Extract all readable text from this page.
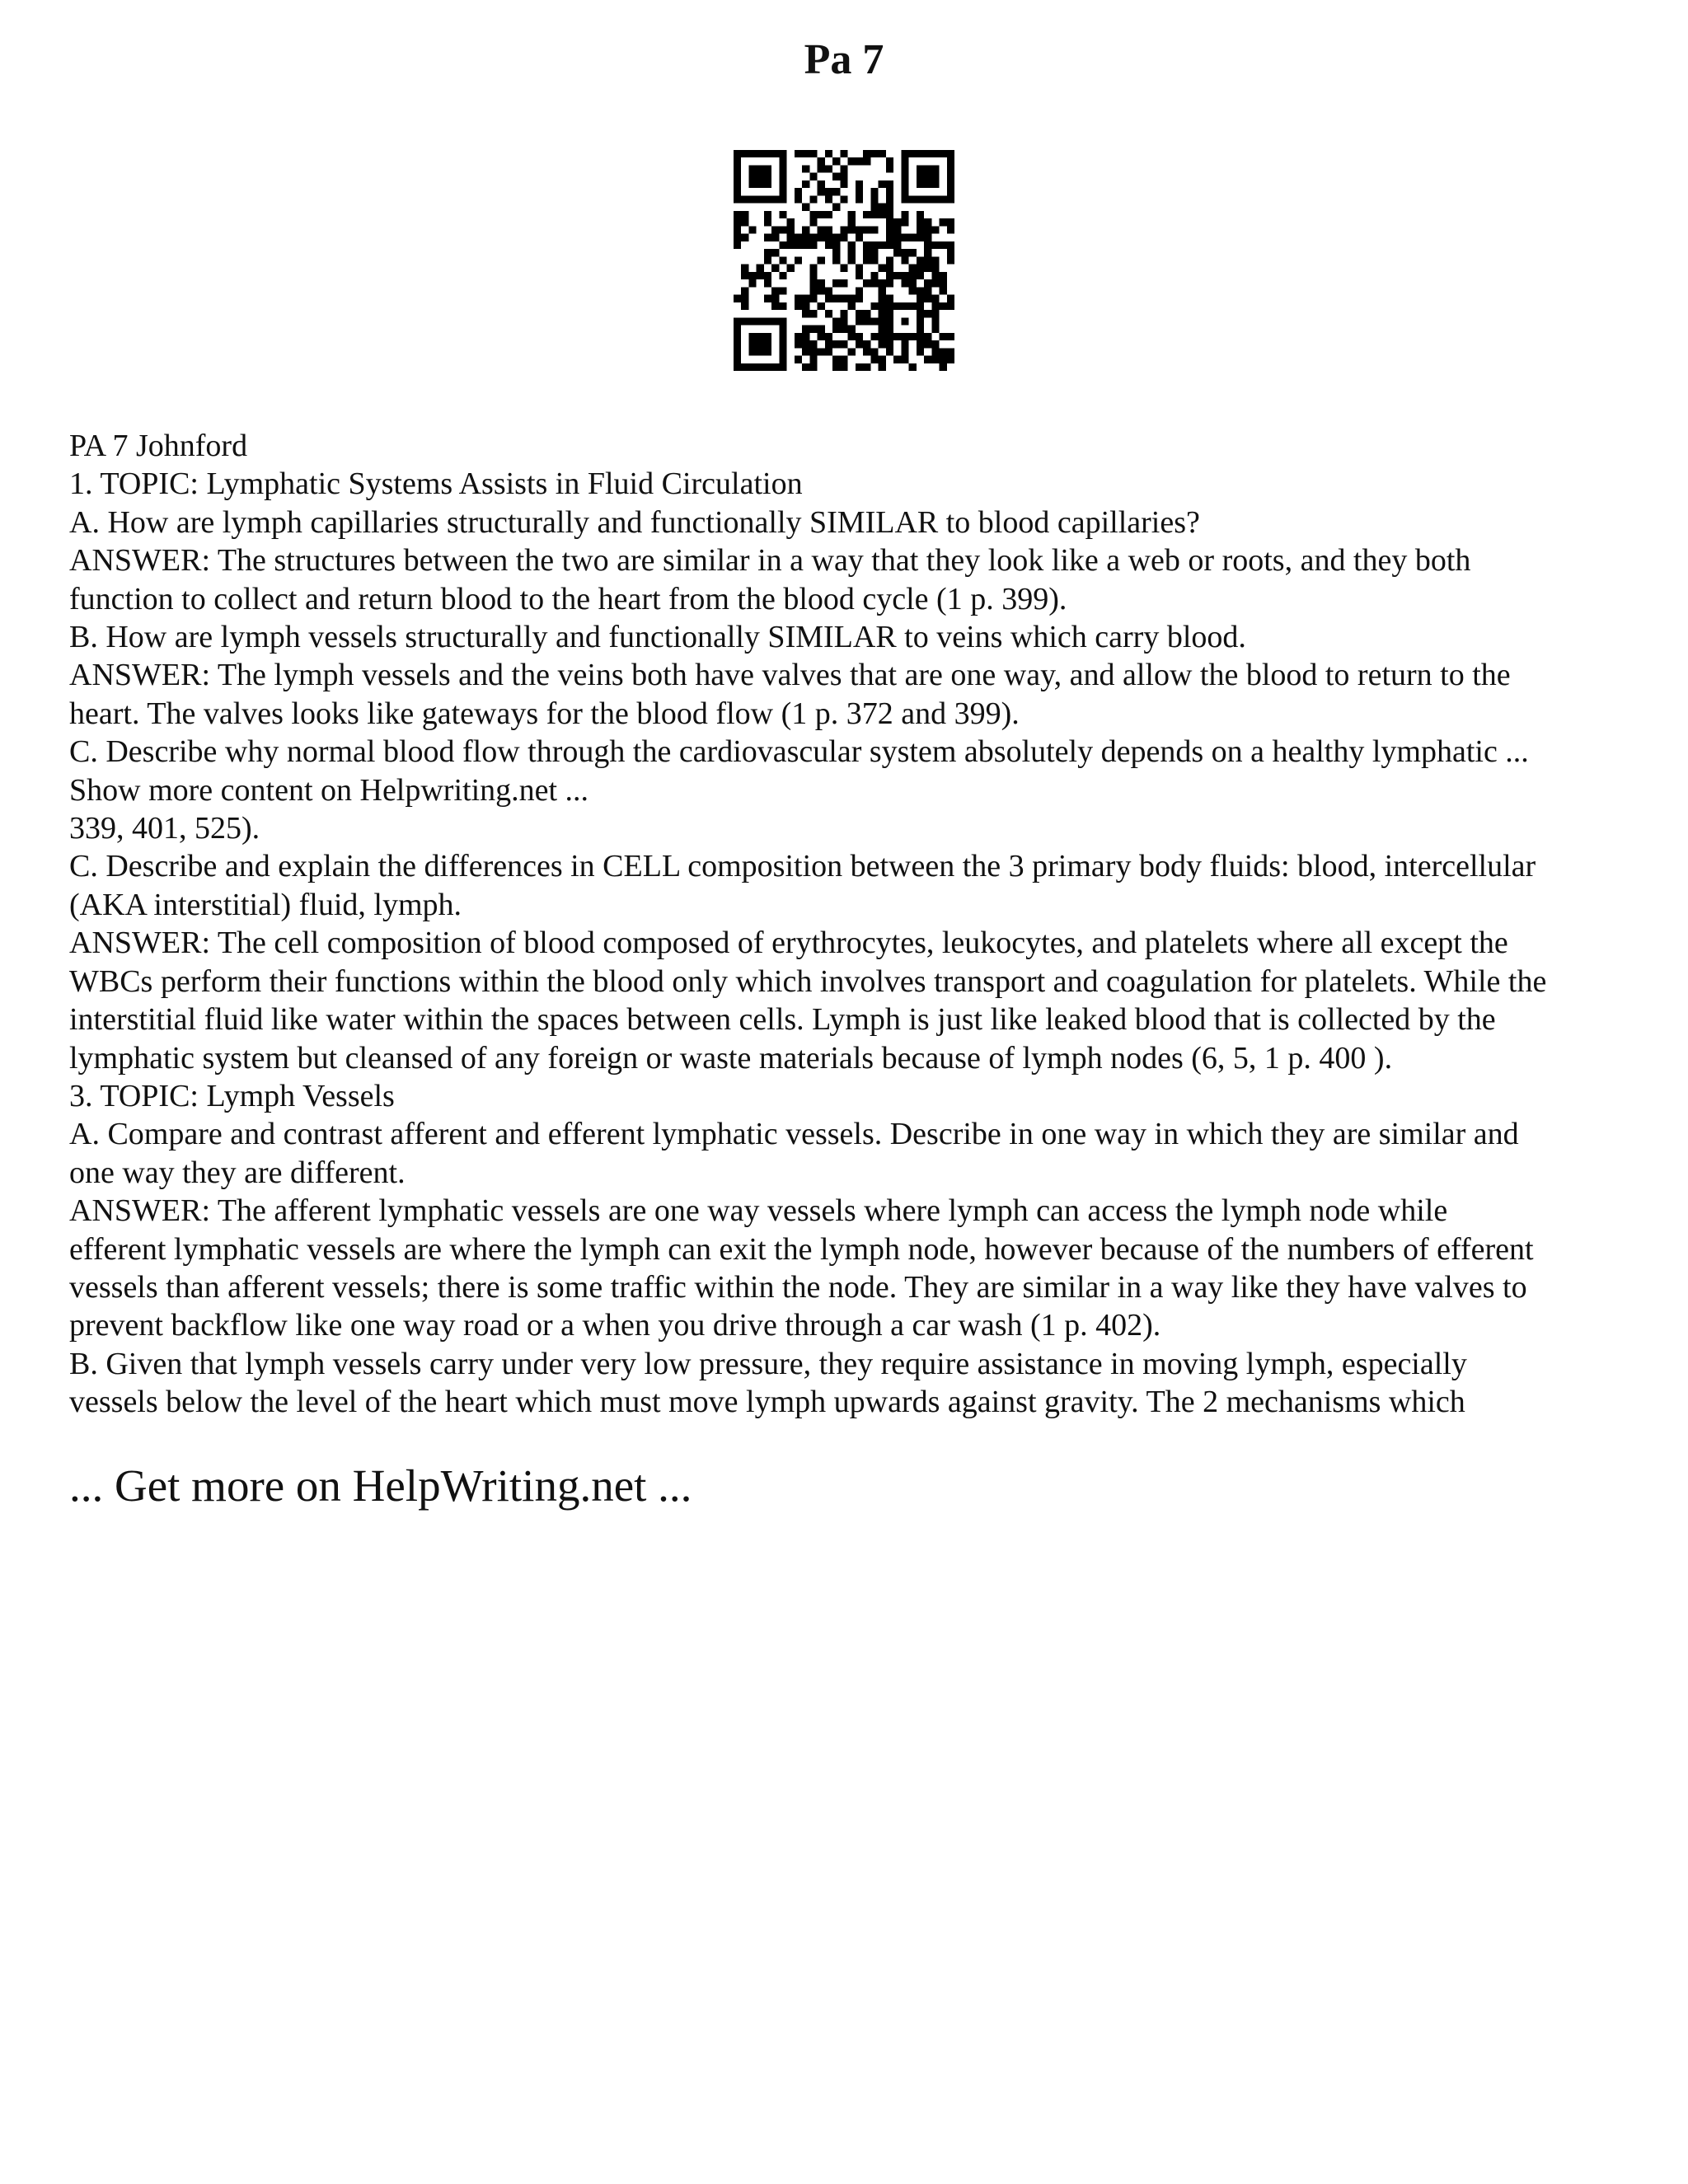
Pa 7
PA 7 Johnford
1. TOPIC: Lymphatic Systems Assists in Fluid Circulation
A. How are lymph capillaries structurally and functionally SIMILAR to blood capillaries?
ANSWER: The structures between the two are similar in a way that they look like a web or roots, and they both
function to collect and return blood to the heart from the blood cycle (1 p. 399).
B. How are lymph vessels structurally and functionally SIMILAR to veins which carry blood.
ANSWER: The lymph vessels and the veins both have valves that are one way, and allow the blood to return to the
heart. The valves looks like gateways for the blood flow (1 p. 372 and 399).
C. Describe why normal blood flow through the cardiovascular system absolutely depends on a healthy lymphatic ...
Show more content on Helpwriting.net ...
339, 401, 525).
C. Describe and explain the differences in CELL composition between the 3 primary body fluids: blood, intercellular
(AKA interstitial) fluid, lymph.
ANSWER: The cell composition of blood composed of erythrocytes, leukocytes, and platelets where all except the
WBCs perform their functions within the blood only which involves transport and coagulation for platelets. While the
interstitial fluid like water within the spaces between cells. Lymph is just like leaked blood that is collected by the
lymphatic system but cleansed of any foreign or waste materials because of lymph nodes (6, 5, 1 p. 400 ).
3. TOPIC: Lymph Vessels
A. Compare and contrast afferent and efferent lymphatic vessels. Describe in one way in which they are similar and
one way they are different.
ANSWER: The afferent lymphatic vessels are one way vessels where lymph can access the lymph node while
efferent lymphatic vessels are where the lymph can exit the lymph node, however because of the numbers of efferent
vessels than afferent vessels; there is some traffic within the node. They are similar in a way like they have valves to
prevent backflow like one way road or a when you drive through a car wash (1 p. 402).
B. Given that lymph vessels carry under very low pressure, they require assistance in moving lymph, especially
vessels below the level of the heart which must move lymph upwards against gravity. The 2 mechanisms which
... Get more on HelpWriting.net ...
